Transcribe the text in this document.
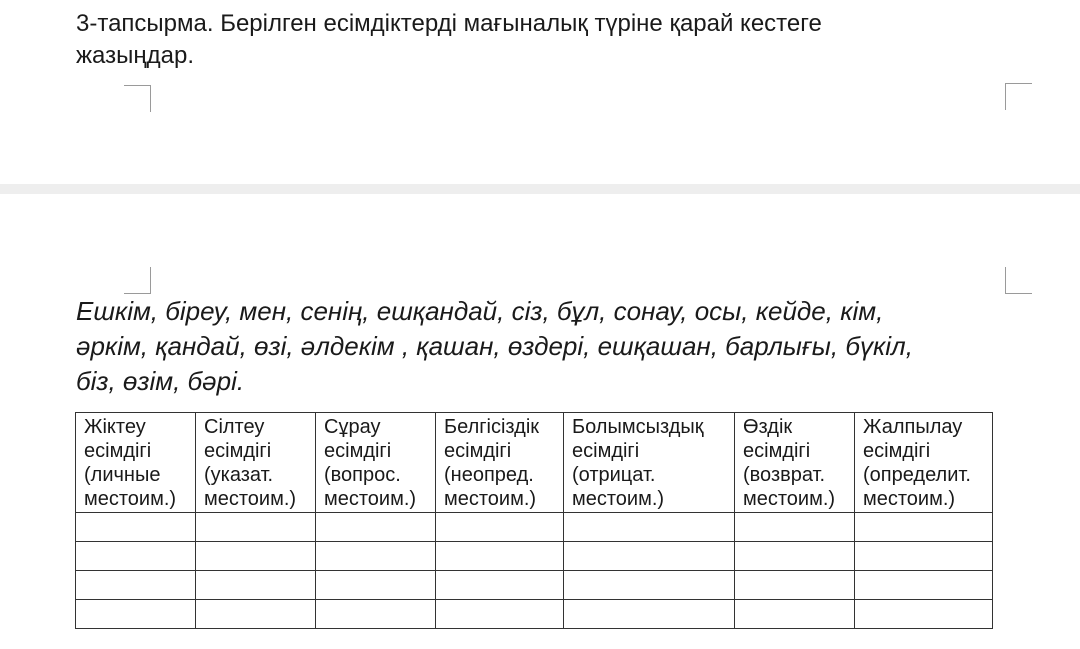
3-тапсырма. Берілген есімдіктерді мағыналық түріне қарай кестеге
жазыңдар.
Ешкім, біреу, мен, сенің, ешқандай, сіз, бұл, сонау, осы, кейде, кім,
әркім, қандай, өзі, әлдекім , қашан, өздері, ешқашан, барлығы, бүкіл,
біз, өзім, бәрі.
Жіктеу
есімдігі
(личные
местоим.)	Сілтеу
есімдігі
(указат.
местоим.)	Сұрау
есімдігі
(вопрос.
местоим.)	Белгісіздік
есімдігі
(неопред.
местоим.)	Болымсыздық
есімдігі
(отрицат.
местоим.)	Өздік
есімдігі
(возврат.
местоим.)	Жалпылау
есімдігі
(определит.
местоим.)
